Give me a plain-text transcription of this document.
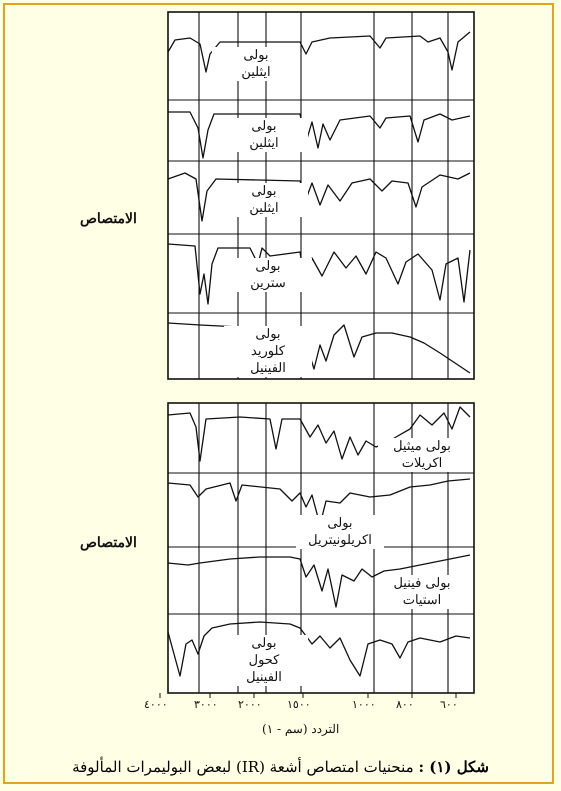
الامتصاص
الامتصاص
٤٠٠٠ ٣٠٠٠ ٢٠٠٠ ١٥٠٠	١٠٠٠ ٨٠٠ ٦٠٠
بولى
ايثلين
بولى
ايثلين
بولى
ايثلين
بولى
سترين
بولى
كلوريد
الفينيل
بولى ميثيل
اكريلات
بولى
اكريلونيتريل
بولى فينيل
استيات
بولى
كحول
الفينيل
التردد (سم - ١)
شكل (١) : منحنيات امتصاص أشعة (IR) لبعض البوليمرات المألوفة
